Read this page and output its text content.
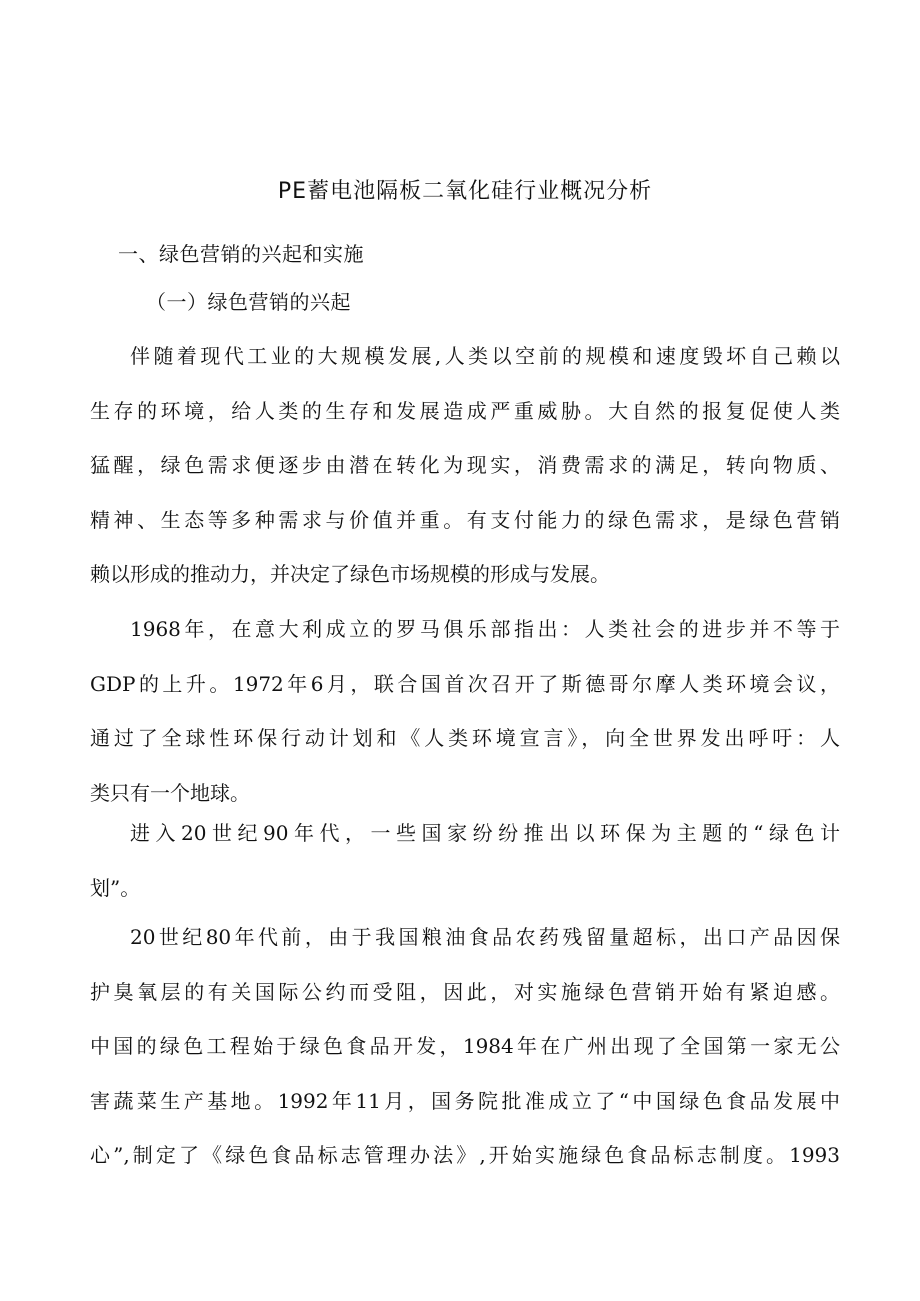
PE蓄电池隔板二氧化硅行业概况分析
一、绿色营销的兴起和实施
（一）绿色营销的兴起
伴随着现代工业的大规模发展,人类以空前的规模和速度毁坏自己赖以
生存的环境，给人类的生存和发展造成严重威胁。大自然的报复促使人类
猛醒，绿色需求便逐步由潜在转化为现实，消费需求的满足，转向物质、
精神、生态等多种需求与价值并重。有支付能力的绿色需求，是绿色营销
赖以形成的推动力，并决定了绿色市场规模的形成与发展。
1968年，在意大利成立的罗马俱乐部指出：人类社会的进步并不等于
GDP的上升。1972年6月，联合国首次召开了斯德哥尔摩人类环境会议，
通过了全球性环保行动计划和《人类环境宣言》，向全世界发出呼吁：人
类只有一个地球。
进入20世纪90年代，一些国家纷纷推出以环保为主题的“绿色计
划”。
20世纪80年代前，由于我国粮油食品农药残留量超标，出口产品因保
护臭氧层的有关国际公约而受阻，因此，对实施绿色营销开始有紧迫感。
中国的绿色工程始于绿色食品开发，1984年在广州出现了全国第一家无公
害蔬菜生产基地。1992年11月，国务院批准成立了“中国绿色食品发展中
心”,制定了《绿色食品标志管理办法》,开始实施绿色食品标志制度。1993
